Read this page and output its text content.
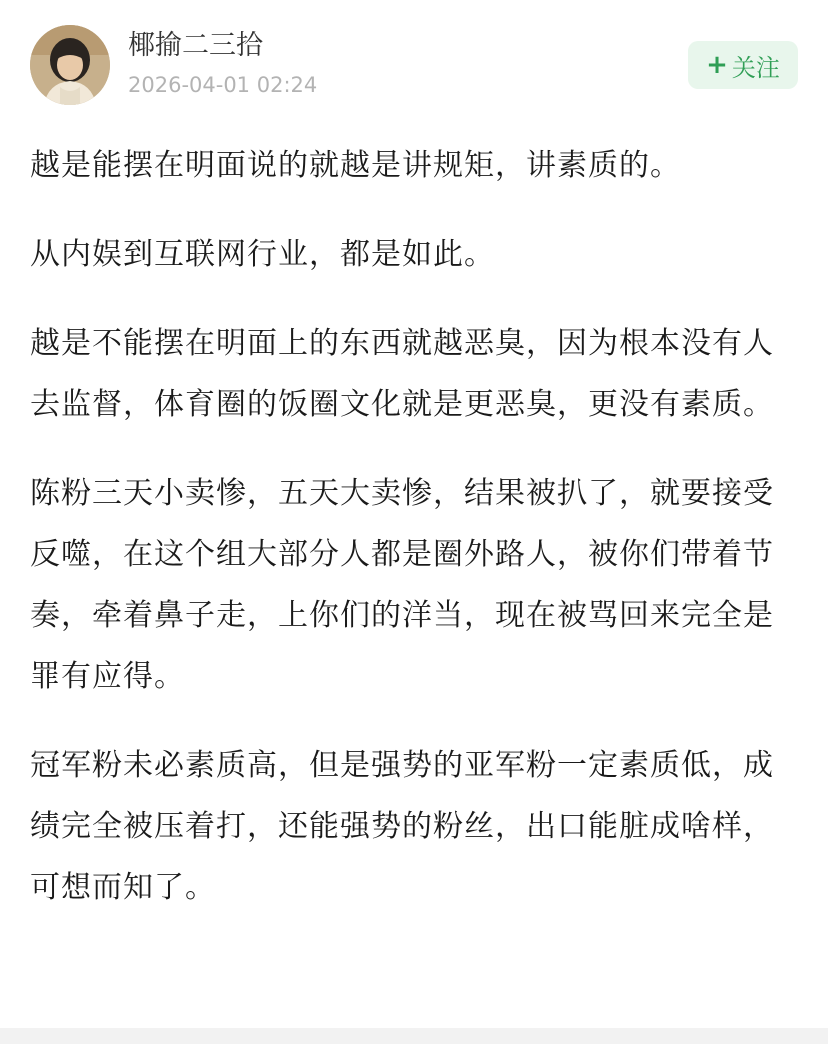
椰揄二三拾
2026-04-01 02:24
+ 关注

越是能摆在明面说的就越是讲规矩，讲素质的。

从内娱到互联网行业，都是如此。

越是不能摆在明面上的东西就越恶臭，因为根本没有人去监督，体育圈的饭圈文化就是更恶臭，更没有素质。

陈粉三天小卖惨，五天大卖惨，结果被扒了，就要接受反噬，在这个组大部分人都是圈外路人，被你们带着节奏，牵着鼻子走，上你们的洋当，现在被骂回来完全是罪有应得。

冠军粉未必素质高，但是强势的亚军粉一定素质低，成绩完全被压着打，还能强势的粉丝，出口能脏成啥样，可想而知了。
